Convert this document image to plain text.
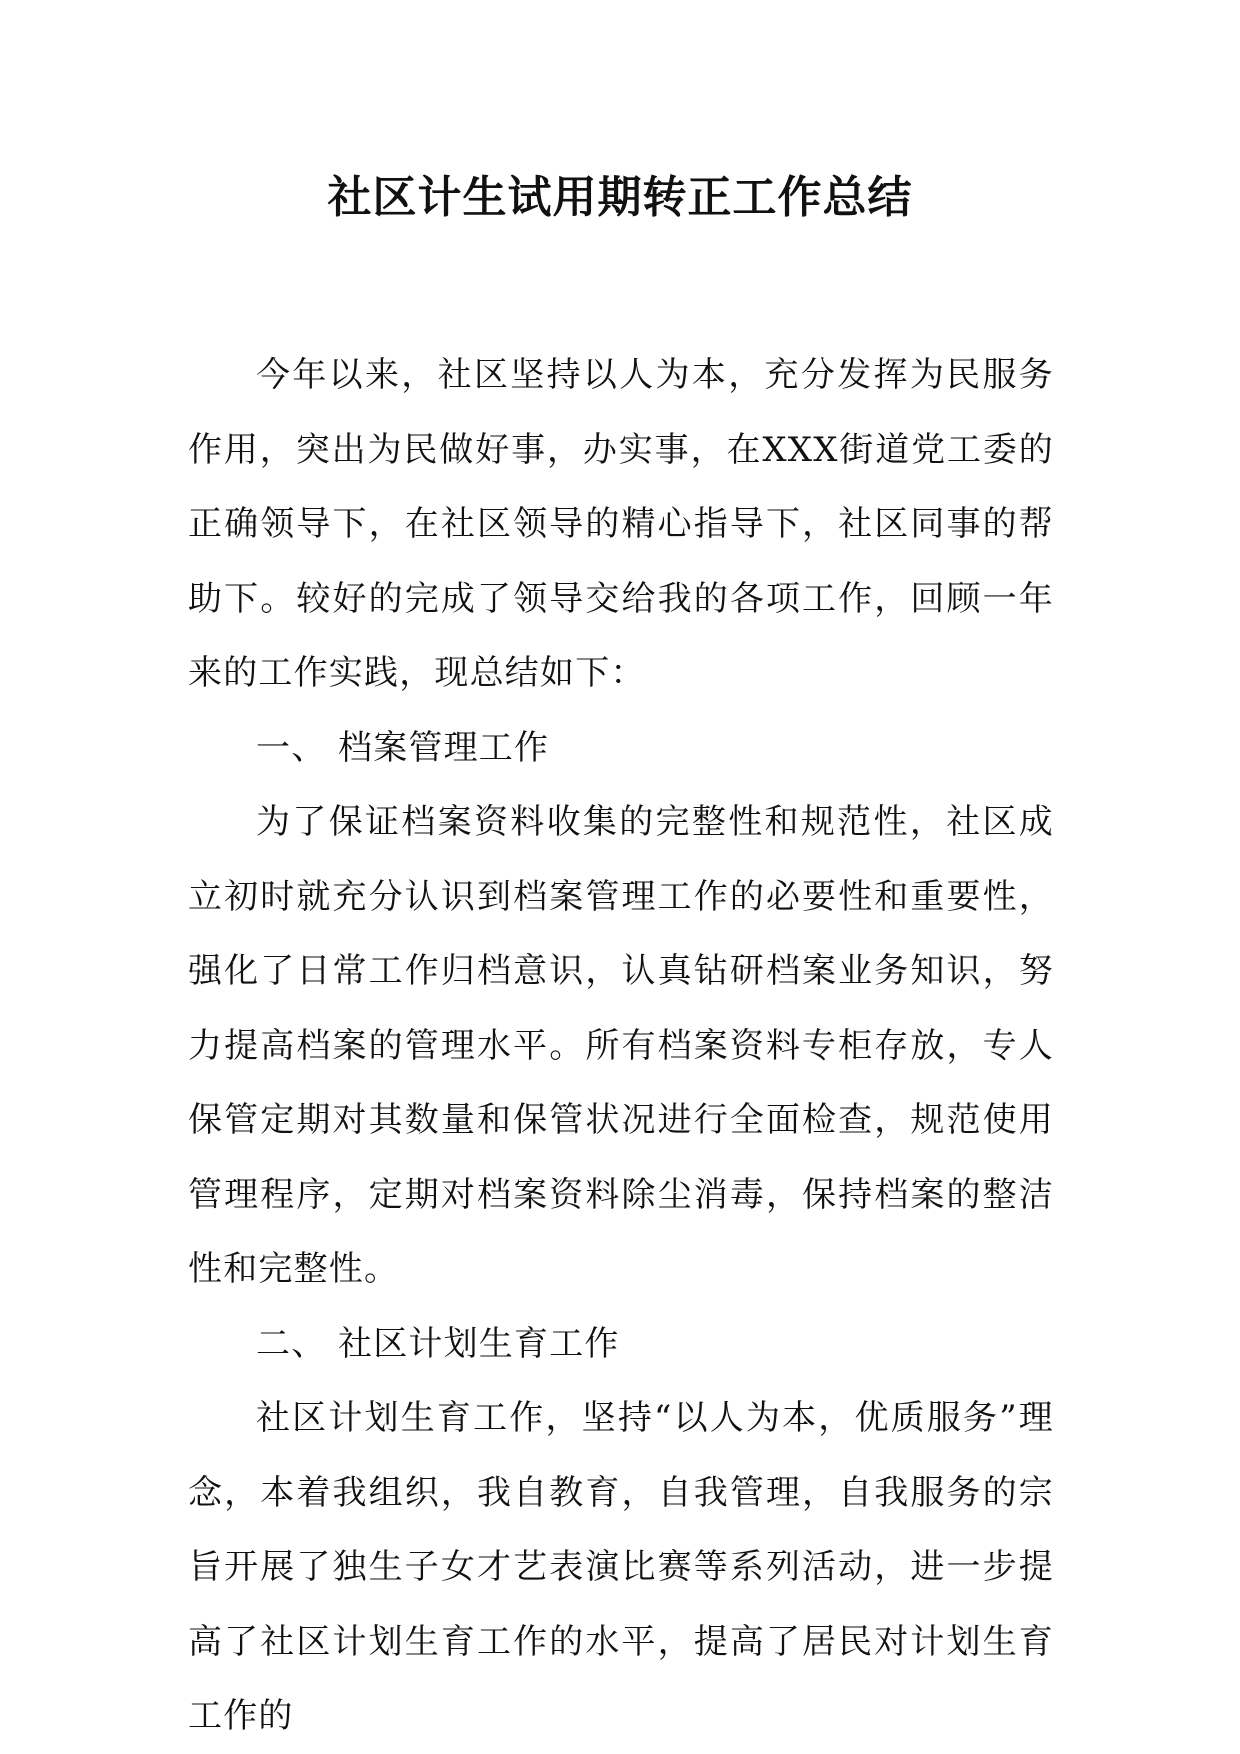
社区计生试用期转正工作总结

今年以来，社区坚持以人为本，充分发挥为民服务作用，突出为民做好事，办实事，在XXX街道党工委的正确领导下，在社区领导的精心指导下，社区同事的帮助下。较好的完成了领导交给我的各项工作，回顾一年来的工作实践，现总结如下：

一、 档案管理工作

为了保证档案资料收集的完整性和规范性，社区成立初时就充分认识到档案管理工作的必要性和重要性，强化了日常工作归档意识，认真钻研档案业务知识，努力提高档案的管理水平。所有档案资料专柜存放，专人保管定期对其数量和保管状况进行全面检查，规范使用管理程序，定期对档案资料除尘消毒，保持档案的整洁性和完整性。

二、 社区计划生育工作

社区计划生育工作，坚持“以人为本，优质服务”理念，本着我组织，我自教育，自我管理，自我服务的宗旨开展了独生子女才艺表演比赛等系列活动，进一步提高了社区计划生育工作的水平，提高了居民对计划生育工作的
